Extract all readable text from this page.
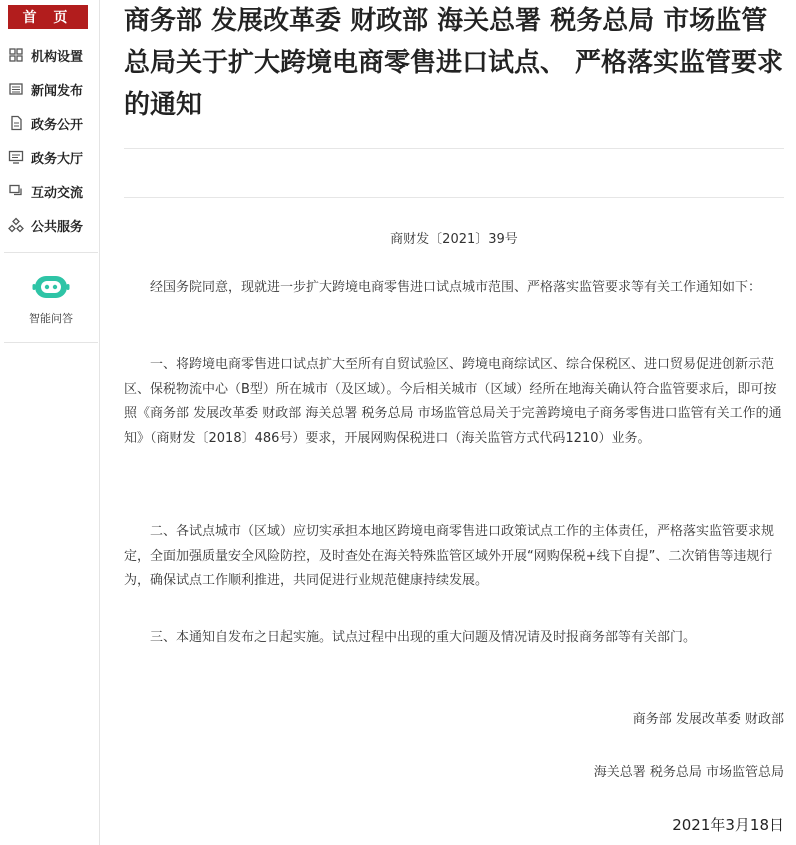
首 页
机构设置
新闻发布
政务公开
政务大厅
互动交流
公共服务
智能问答
商务部 发展改革委 财政部 海关总署 税务总局 市场监管总局关于扩大跨境电商零售进口试点、 严格落实监管要求的通知
商财发〔2021〕39号

经国务院同意，现就进一步扩大跨境电商零售进口试点城市范围、严格落实监管要求等有关工作通知如下：

一、将跨境电商零售进口试点扩大至所有自贸试验区、跨境电商综试区、综合保税区、进口贸易促进创新示范区、保税物流中心（B型）所在城市（及区域）。今后相关城市（区域）经所在地海关确认符合监管要求后，即可按照《商务部 发展改革委 财政部 海关总署 税务总局 市场监管总局关于完善跨境电子商务零售进口监管有关工作的通知》（商财发〔2018〕486号）要求，开展网购保税进口（海关监管方式代码1210）业务。

二、各试点城市（区域）应切实承担本地区跨境电商零售进口政策试点工作的主体责任，严格落实监管要求规定，全面加强质量安全风险防控，及时查处在海关特殊监管区域外开展“网购保税+线下自提”、二次销售等违规行为，确保试点工作顺利推进，共同促进行业规范健康持续发展。

三、本通知自发布之日起实施。试点过程中出现的重大问题及情况请及时报商务部等有关部门。

商务部 发展改革委 财政部
海关总署 税务总局 市场监管总局
2021年3月18日
